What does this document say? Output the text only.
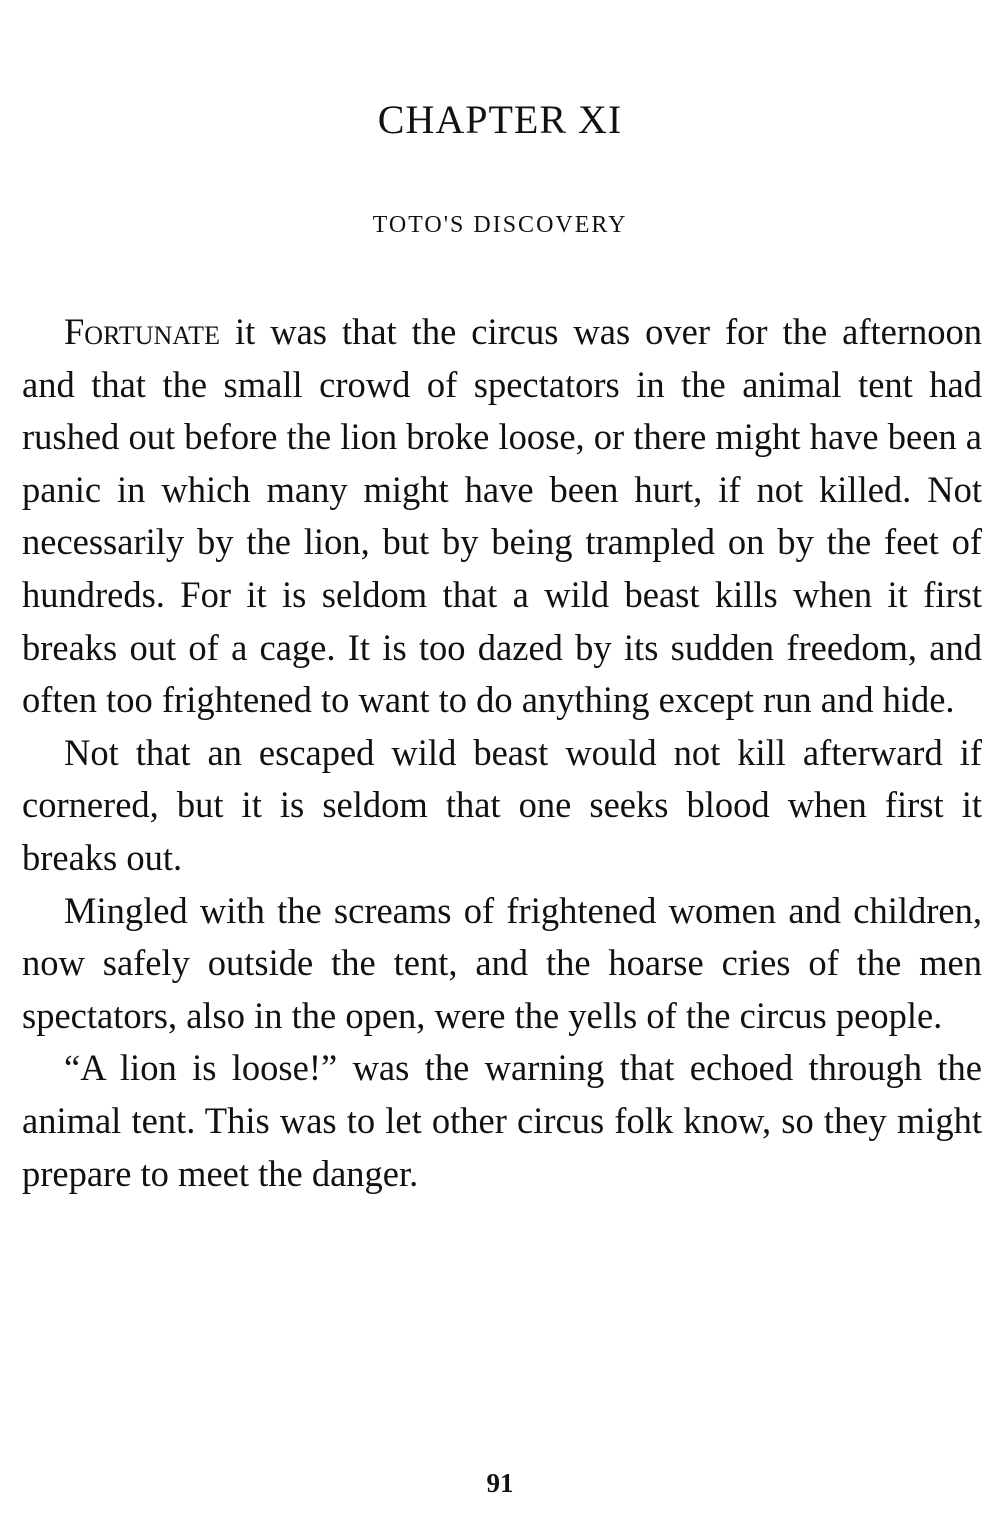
CHAPTER XI
TOTO'S DISCOVERY

Fortunate it was that the circus was over for the afternoon and that the small crowd of spectators in the animal tent had rushed out before the lion broke loose, or there might have been a panic in which many might have been hurt, if not killed. Not necessarily by the lion, but by being trampled on by the feet of hundreds. For it is seldom that a wild beast kills when it first breaks out of a cage. It is too dazed by its sudden freedom, and often too frightened to want to do anything except run and hide.

Not that an escaped wild beast would not kill afterward if cornered, but it is seldom that one seeks blood when first it breaks out.

Mingled with the screams of frightened women and children, now safely outside the tent, and the hoarse cries of the men spectators, also in the open, were the yells of the circus people.

“A lion is loose!” was the warning that echoed through the animal tent. This was to let other circus folk know, so they might prepare to meet the danger.

91
